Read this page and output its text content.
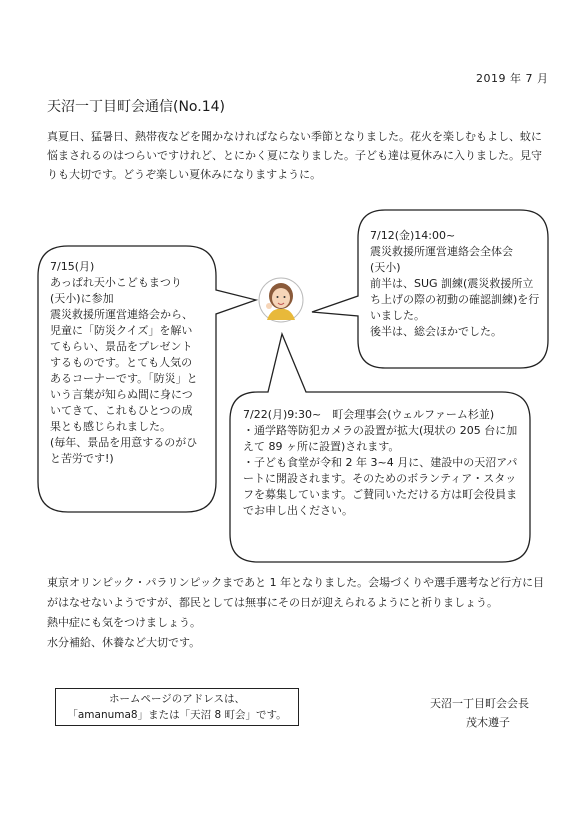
2019 年 7 月
天沼一丁目町会通信(No.14)
真夏日、猛暑日、熱帯夜などを聞かなければならない季節となりました。花火を楽しむもよし、蚊に悩まされるのはつらいですけれど、とにかく夏になりました。子ども達は夏休みに入りました。見守りも大切です。どうぞ楽しい夏休みになりますように。
7/15(月)
あっぱれ天小こどもまつり
(天小)に参加
震災救援所運営連絡会から、児童に「防災クイズ」を解いてもらい、景品をプレゼントするものです。とても人気のあるコーナーです。「防災」という言葉が知らぬ間に身についてきて、これもひとつの成果とも感じられました。
(毎年、景品を用意するのがひと苦労です!)
7/12(金)14:00~
震災救援所運営連絡会全体会
(天小)
前半は、SUG 訓練(震災救援所立ち上げの際の初動の確認訓練)を行いました。
後半は、総会ほかでした。
7/22(月)9:30~　町会理事会(ウェルファーム杉並)
・通学路等防犯カメラの設置が拡大(現状の 205 台に加えて 89 ヶ所に設置)されます。
・子ども食堂が令和 2 年 3~4 月に、建設中の天沼アパートに開設されます。そのためのボランティア・スタッフを募集しています。ご賛同いただける方は町会役員までお申し出ください。
東京オリンピック・パラリンピックまであと 1 年となりました。会場づくりや選手選考など行方に目がはなせないようですが、都民としては無事にその日が迎えられるようにと祈りましょう。
熱中症にも気をつけましょう。
水分補給、休養など大切です。
ホームページのアドレスは、
「amanuma8」または「天沼 8 町会」です。
天沼一丁目町会会長
茂木遵子
